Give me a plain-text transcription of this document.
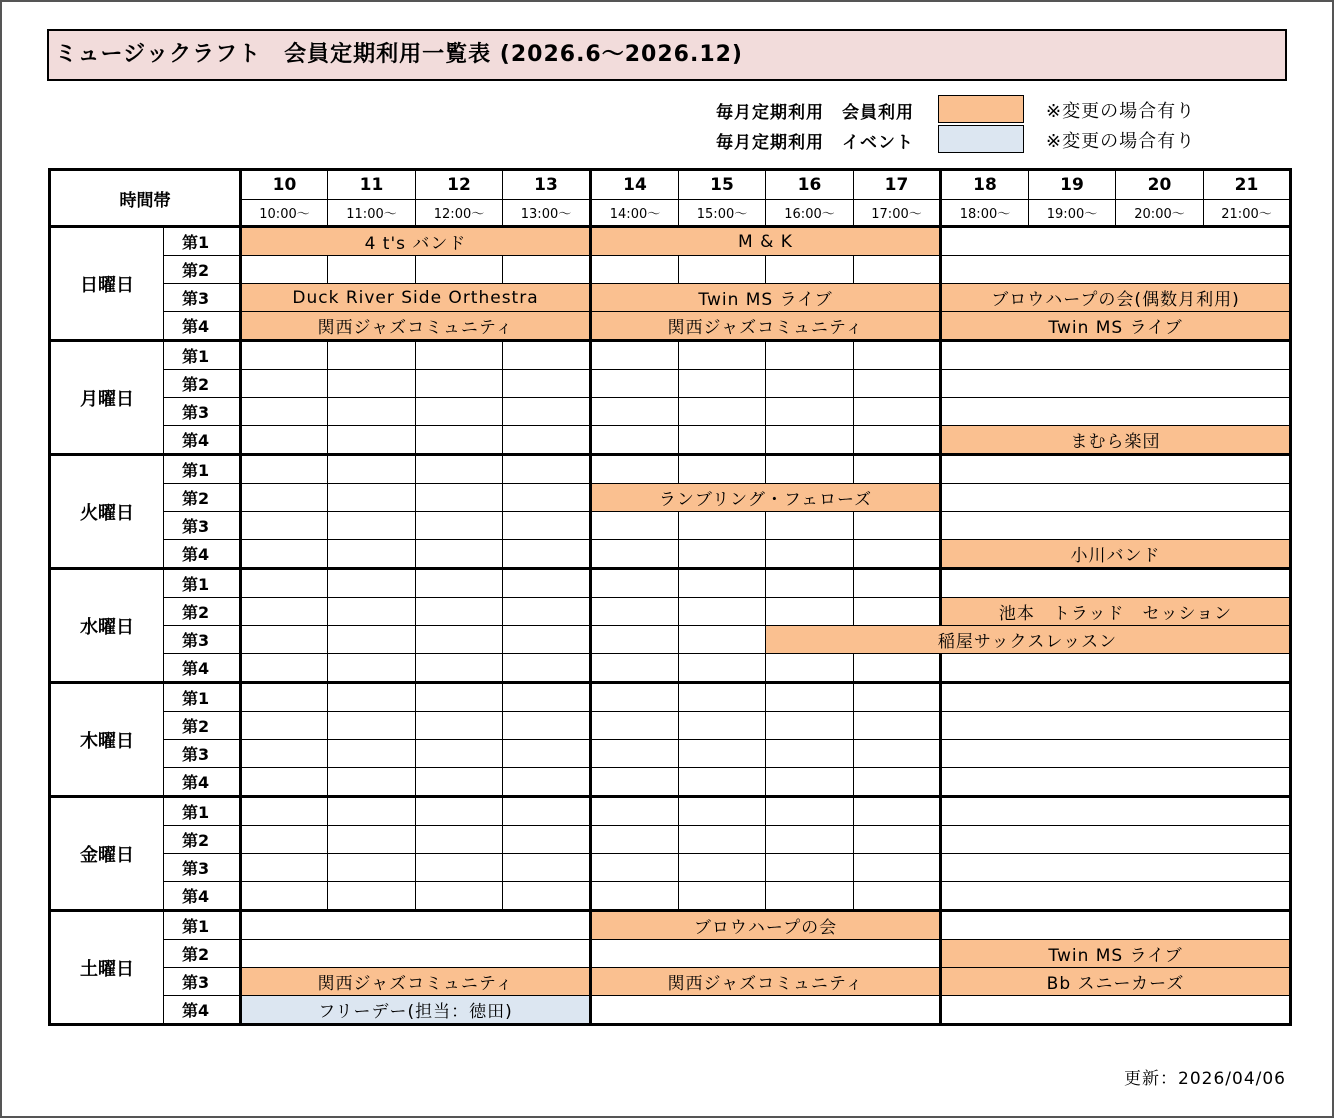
ミュージックラフト　会員定期利用一覧表 (2026.6～2026.12)
毎月定期利用　会員利用	※変更の場合有り
毎月定期利用　イベント	※変更の場合有り
時間帯		10	11	12	13	14	15	16	17	18	19	20	21
		10:00～	11:00～	12:00～	13:00～	14:00～	15:00～	16:00～	17:00～	18:00～	19:00～	20:00～	21:00～
日曜日	第1	4 t's バンド				M & K							
	第2												
	第3	Duck River Side Orthestra				Twin MS ライブ				ブロウハープの会(偶数月利用)			
	第4	関西ジャズコミュニティ				関西ジャズコミュニティ				Twin MS ライブ			
月曜日	第1												
	第2												
	第3												
	第4									まむら楽団			
火曜日	第1												
	第2					ランブリング・フェローズ							
	第3												
	第4									小川バンド			
水曜日	第1												
	第2									池本　トラッド　セッション			
	第3							稲屋サックスレッスン					
	第4												
木曜日	第1												
	第2												
	第3												
	第4												
金曜日	第1												
	第2												
	第3												
	第4												
土曜日	第1					ブロウハープの会							
	第2									Twin MS ライブ			
	第3	関西ジャズコミュニティ				関西ジャズコミュニティ				Bb スニーカーズ			
	第4	フリーデー(担当：徳田)											
更新：2026/04/06
